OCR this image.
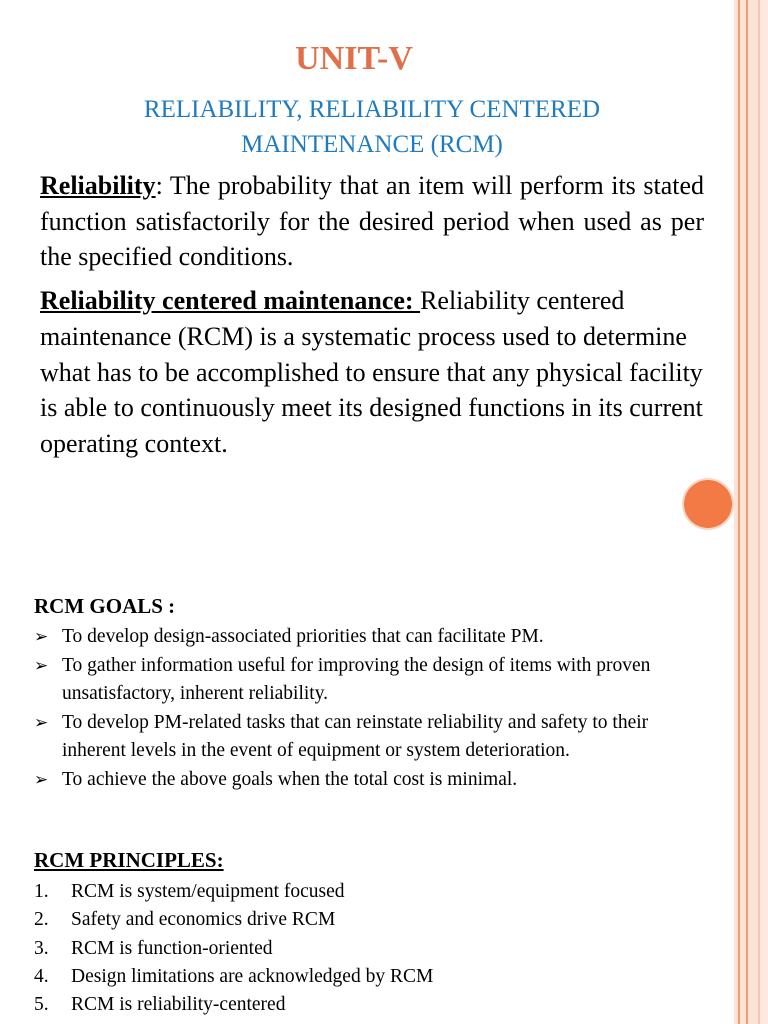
UNIT-V
RELIABILITY, RELIABILITY CENTERED
MAINTENANCE (RCM)
Reliability: The probability that an item will perform its stated function satisfactorily for the desired period when used as per the specified conditions.
Reliability centered maintenance: Reliability centered maintenance (RCM) is a systematic process used to determine what has to be accomplished to ensure that any physical facility is able to continuously meet its designed functions in its current operating context.
RCM GOALS :
➢ To develop design-associated priorities that can facilitate PM.
➢ To gather information useful for improving the design of items with proven unsatisfactory, inherent reliability.
➢ To develop PM-related tasks that can reinstate reliability and safety to their inherent levels in the event of equipment or system deterioration.
➢ To achieve the above goals when the total cost is minimal.
RCM PRINCIPLES:
1. RCM is system/equipment focused
2. Safety and economics drive RCM
3. RCM is function-oriented
4. Design limitations are acknowledged by RCM
5. RCM is reliability-centered
